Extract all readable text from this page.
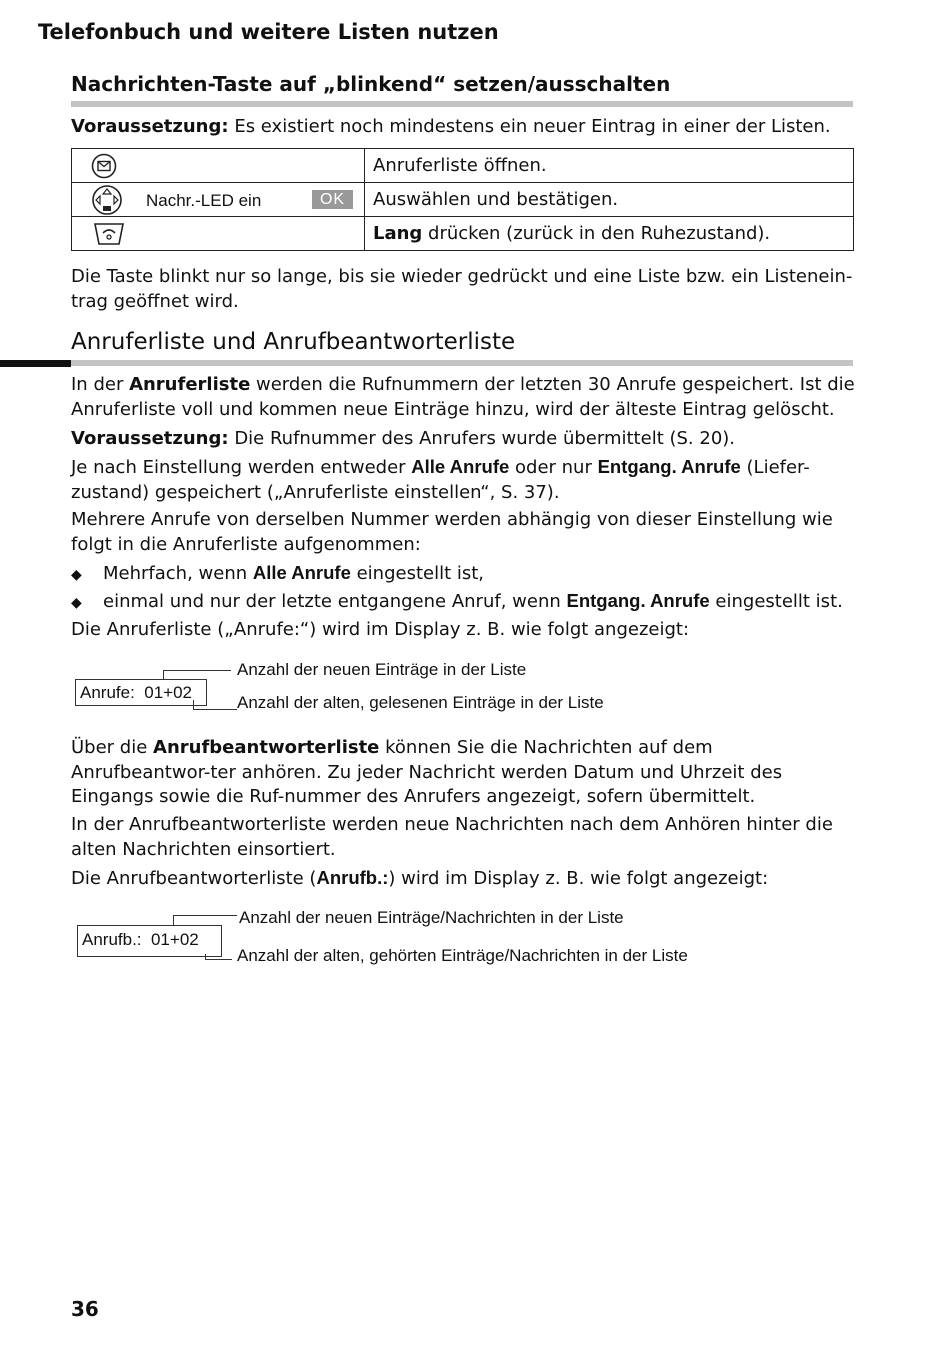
Telefonbuch und weitere Listen nutzen
Nachrichten-Taste auf „blinkend“ setzen/ausschalten

Voraussetzung: Es existiert noch mindestens ein neuer Eintrag in einer der Listen.

	Anruferliste öffnen.

Nachr.-LED ein OK	Auswählen und bestätigen.

	Lang drücken (zurück in den Ruhezustand).

Die Taste blinkt nur so lange, bis sie wieder gedrückt und eine Liste bzw. ein Listenein-trag geöffnet wird.

Anruferliste und Anrufbeantworterliste

In der Anruferliste werden die Rufnummern der letzten 30 Anrufe gespeichert. Ist die Anruferliste voll und kommen neue Einträge hinzu, wird der älteste Eintrag gelöscht.

Voraussetzung: Die Rufnummer des Anrufers wurde übermittelt (S. 20).

Je nach Einstellung werden entweder Alle Anrufe oder nur Entgang. Anrufe (Liefer-zustand) gespeichert („Anruferliste einstellen“, S. 37).

Mehrere Anrufe von derselben Nummer werden abhängig von dieser Einstellung wie folgt in die Anruferliste aufgenommen:

◆ Mehrfach, wenn Alle Anrufe eingestellt ist,
◆ einmal und nur der letzte entgangene Anruf, wenn Entgang. Anrufe eingestellt ist.

Die Anruferliste („Anrufe:“) wird im Display z. B. wie folgt angezeigt:

Anrufe:  01+02
Anzahl der neuen Einträge in der Liste
Anzahl der alten, gelesenen Einträge in der Liste

Über die Anrufbeantworterliste können Sie die Nachrichten auf dem Anrufbeantwor-ter anhören. Zu jeder Nachricht werden Datum und Uhrzeit des Eingangs sowie die Ruf-nummer des Anrufers angezeigt, sofern übermittelt.

In der Anrufbeantworterliste werden neue Nachrichten nach dem Anhören hinter die alten Nachrichten einsortiert.

Die Anrufbeantworterliste (Anrufb.:) wird im Display z. B. wie folgt angezeigt:

Anrufb.:  01+02
Anzahl der neuen Einträge/Nachrichten in der Liste
Anzahl der alten, gehörten Einträge/Nachrichten in der Liste
36
